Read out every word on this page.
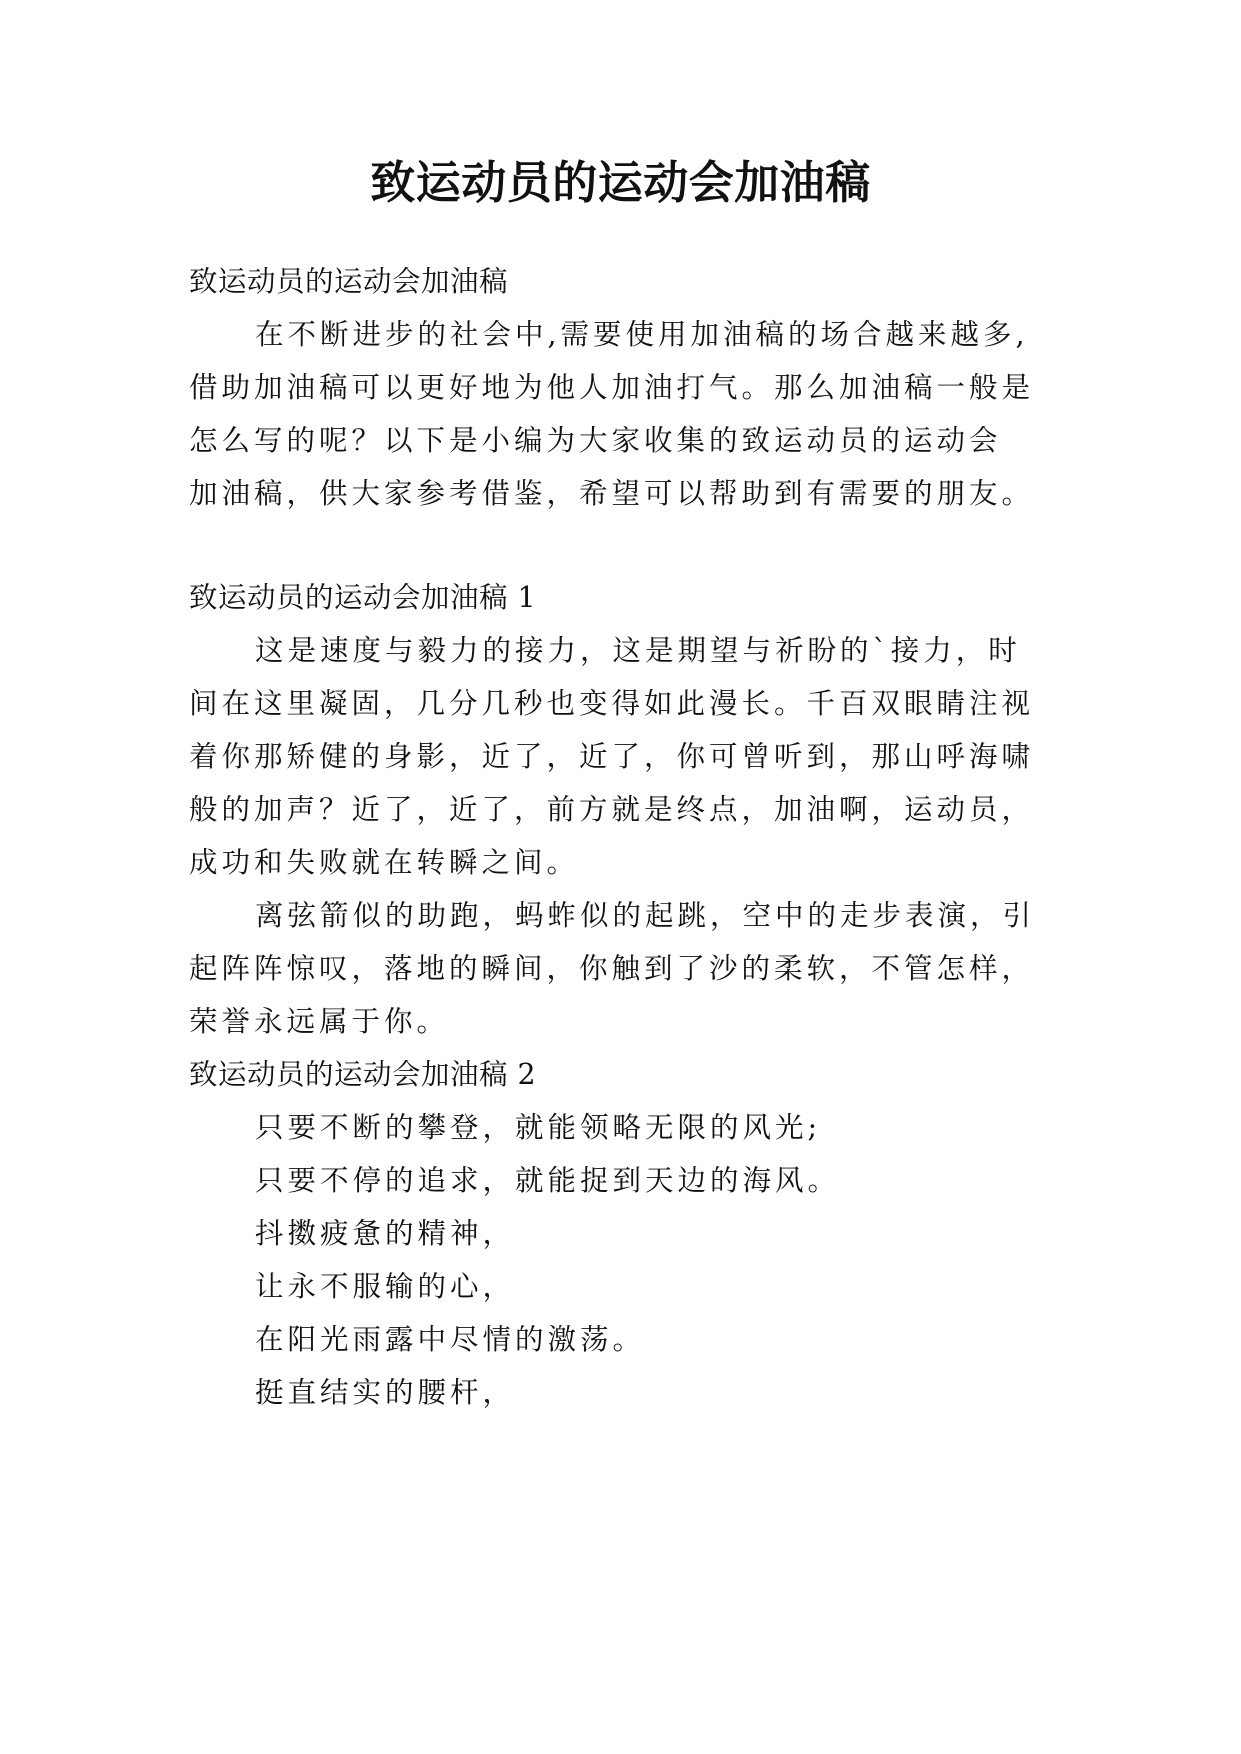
致运动员的运动会加油稿
致运动员的运动会加油稿
在不断进步的社会中,需要使用加油稿的场合越来越多,
借助加油稿可以更好地为他人加油打气。那么加油稿一般是
怎么写的呢？以下是小编为大家收集的致运动员的运动会
加油稿，供大家参考借鉴，希望可以帮助到有需要的朋友。
致运动员的运动会加油稿 1
这是速度与毅力的接力，这是期望与祈盼的`接力，时
间在这里凝固，几分几秒也变得如此漫长。千百双眼睛注视
着你那矫健的身影，近了，近了，你可曾听到，那山呼海啸
般的加声？近了，近了，前方就是终点，加油啊，运动员，
成功和失败就在转瞬之间。
离弦箭似的助跑，蚂蚱似的起跳，空中的走步表演，引
起阵阵惊叹，落地的瞬间，你触到了沙的柔软，不管怎样，
荣誉永远属于你。
致运动员的运动会加油稿 2
只要不断的攀登，就能领略无限的风光;
只要不停的追求，就能捉到天边的海风。
抖擞疲惫的精神，
让永不服输的心，
在阳光雨露中尽情的激荡。
挺直结实的腰杆，
